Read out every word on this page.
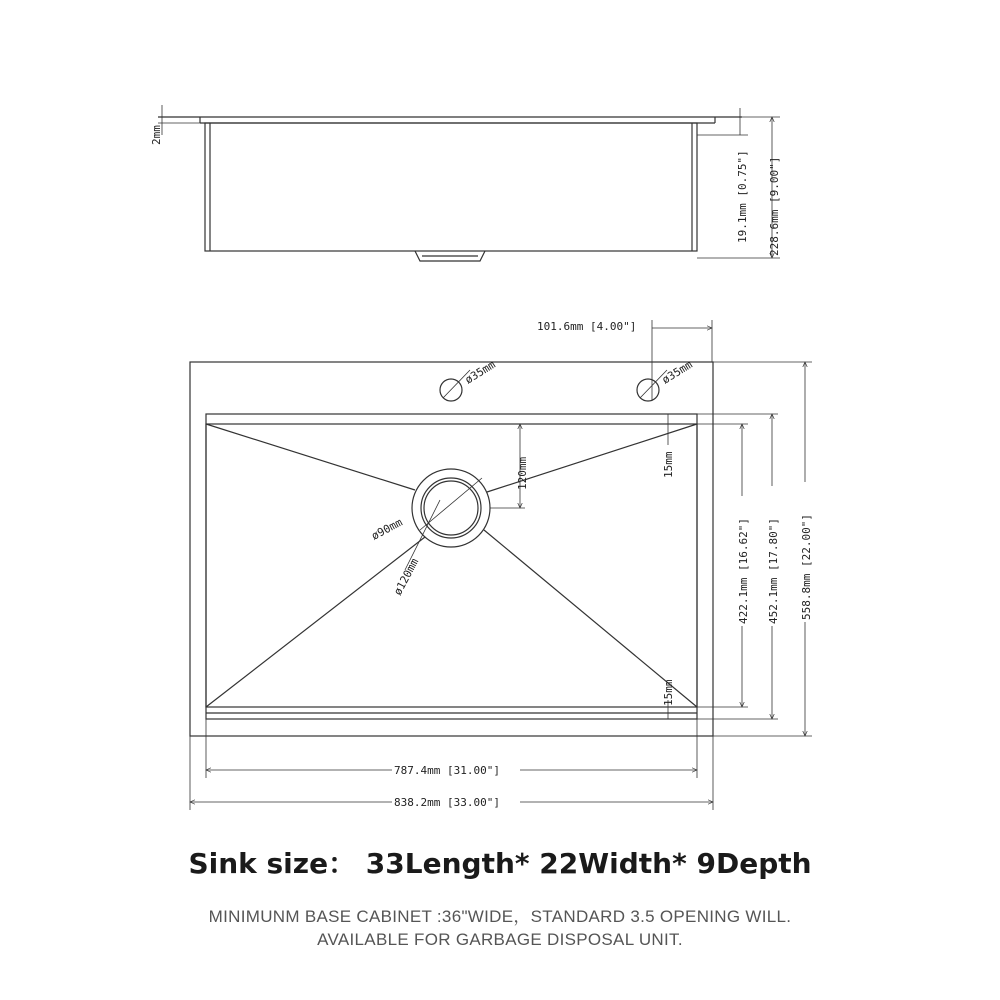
2mm
19.1mm [0.75"] 228.6mm [9.00"]
101.6mm [4.00"]
ø35mm	ø35mm
120mm
ø90mm
ø120mm
15mm
15mm
422.1mm [16.62"] 452.1mm [17.80"] 558.8mm [22.00"]
787.4mm [31.00"]
838.2mm [33.00"]
Sink size： 33Length* 22Width* 9Depth
MINIMUNM BASE CABINET :36"WIDE，STANDARD 3.5 OPENING WILL.
AVAILABLE FOR GARBAGE DISPOSAL UNIT.
